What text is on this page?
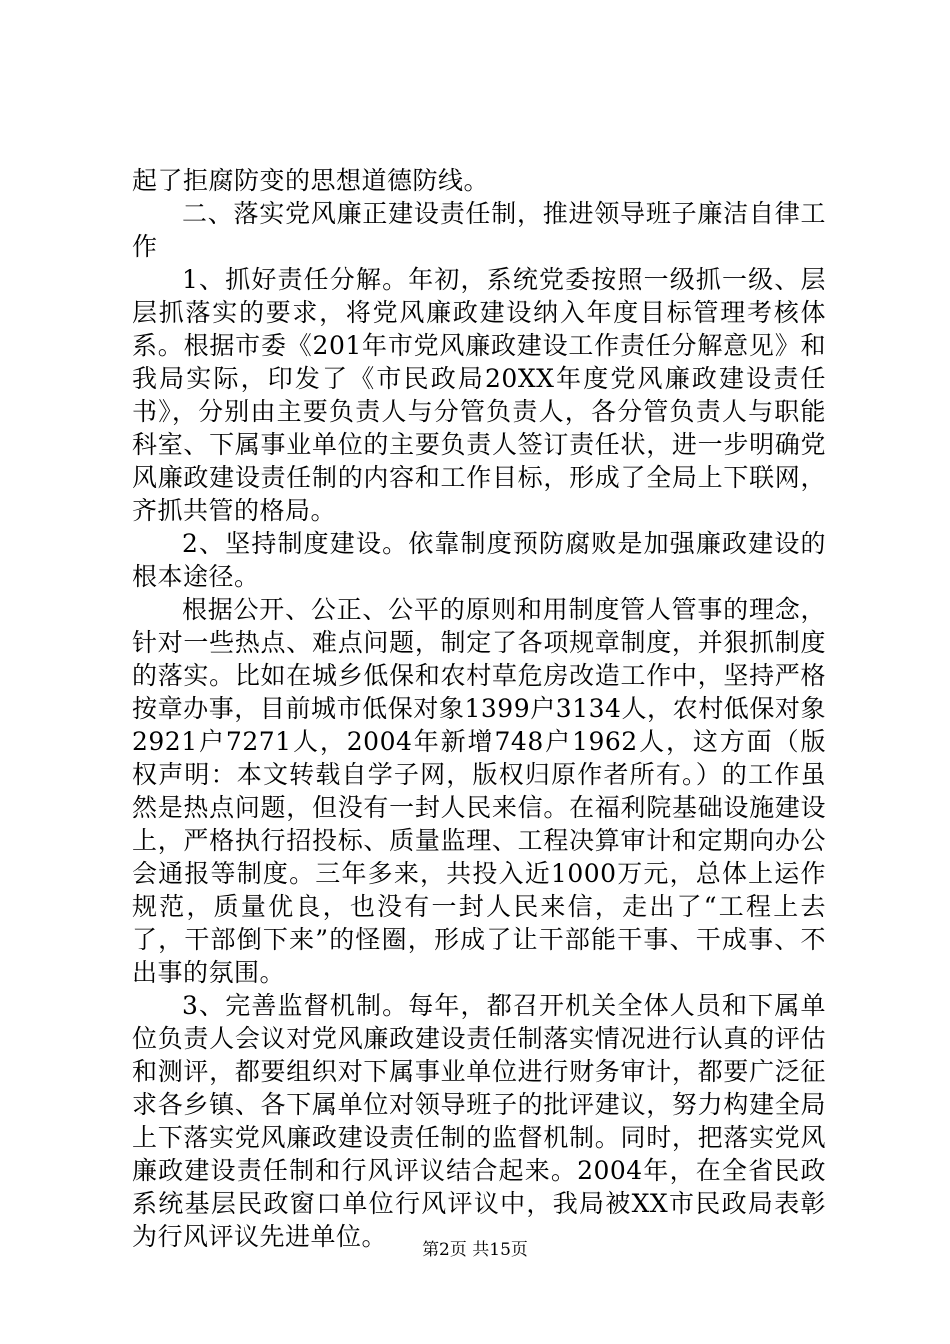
起了拒腐防变的思想道德防线。

二、落实党风廉正建设责任制，推进领导班子廉洁自律工作

1、抓好责任分解。年初，系统党委按照一级抓一级、层层抓落实的要求，将党风廉政建设纳入年度目标管理考核体系。根据市委《201年市党风廉政建设工作责任分解意见》和我局实际，印发了《市民政局20XX年度党风廉政建设责任书》，分别由主要负责人与分管负责人，各分管负责人与职能科室、下属事业单位的主要负责人签订责任状，进一步明确党风廉政建设责任制的内容和工作目标，形成了全局上下联网，齐抓共管的格局。

2、坚持制度建设。依靠制度预防腐败是加强廉政建设的根本途径。

根据公开、公正、公平的原则和用制度管人管事的理念，针对一些热点、难点问题，制定了各项规章制度，并狠抓制度的落实。比如在城乡低保和农村草危房改造工作中，坚持严格按章办事，目前城市低保对象1399户3134人，农村低保对象2921户7271人，2004年新增748户1962人，这方面（版权声明：本文转载自学子网，版权归原作者所有。）的工作虽然是热点问题，但没有一封人民来信。在福利院基础设施建设上，严格执行招投标、质量监理、工程决算审计和定期向办公会通报等制度。三年多来，共投入近1000万元，总体上运作规范，质量优良，也没有一封人民来信，走出了“工程上去了，干部倒下来”的怪圈，形成了让干部能干事、干成事、不出事的氛围。

3、完善监督机制。每年，都召开机关全体人员和下属单位负责人会议对党风廉政建设责任制落实情况进行认真的评估和测评，都要组织对下属事业单位进行财务审计，都要广泛征求各乡镇、各下属单位对领导班子的批评建议，努力构建全局上下落实党风廉政建设责任制的监督机制。同时，把落实党风廉政建设责任制和行风评议结合起来。2004年，在全省民政系统基层民政窗口单位行风评议中，我局被XX市民政局表彰为行风评议先进单位。	第2页 共15页
